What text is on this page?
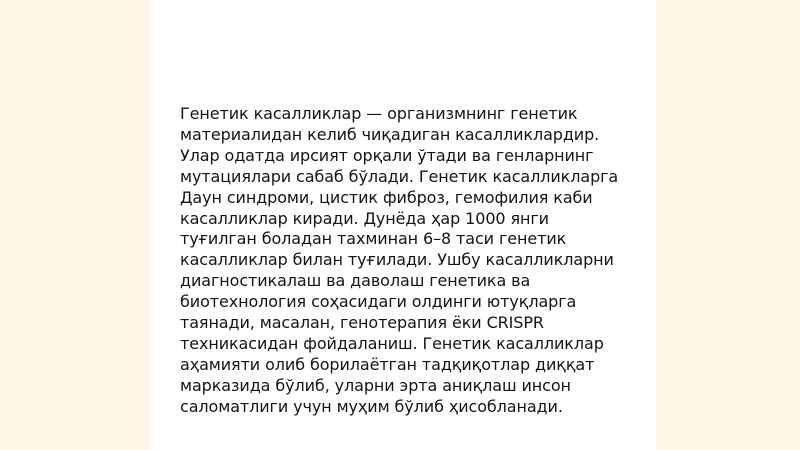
Генетик касалликлар — организмнинг генетик
материалидан келиб чиқадиган касалликлардир.
Улар одатда ирсият орқали ўтади ва генларнинг
мутациялари сабаб бўлади. Генетик касалликларга
Даун синдроми, цистик фиброз, гемофилия каби
касалликлар киради. Дунёда ҳар 1000 янги
туғилган боладан тахминан 6–8 таси генетик
касалликлар билан туғилади. Ушбу касалликларни
диагностикалаш ва даволаш генетика ва
биотехнология соҳасидаги олдинги ютуқларга
таянади, масалан, генотерапия ёки CRISPR
техникасидан фойдаланиш. Генетик касалликлар
аҳамияти олиб борилаётган тадқиқотлар диққат
марказида бўлиб, уларни эрта аниқлаш инсон
саломатлиги учун муҳим бўлиб ҳисобланади.
